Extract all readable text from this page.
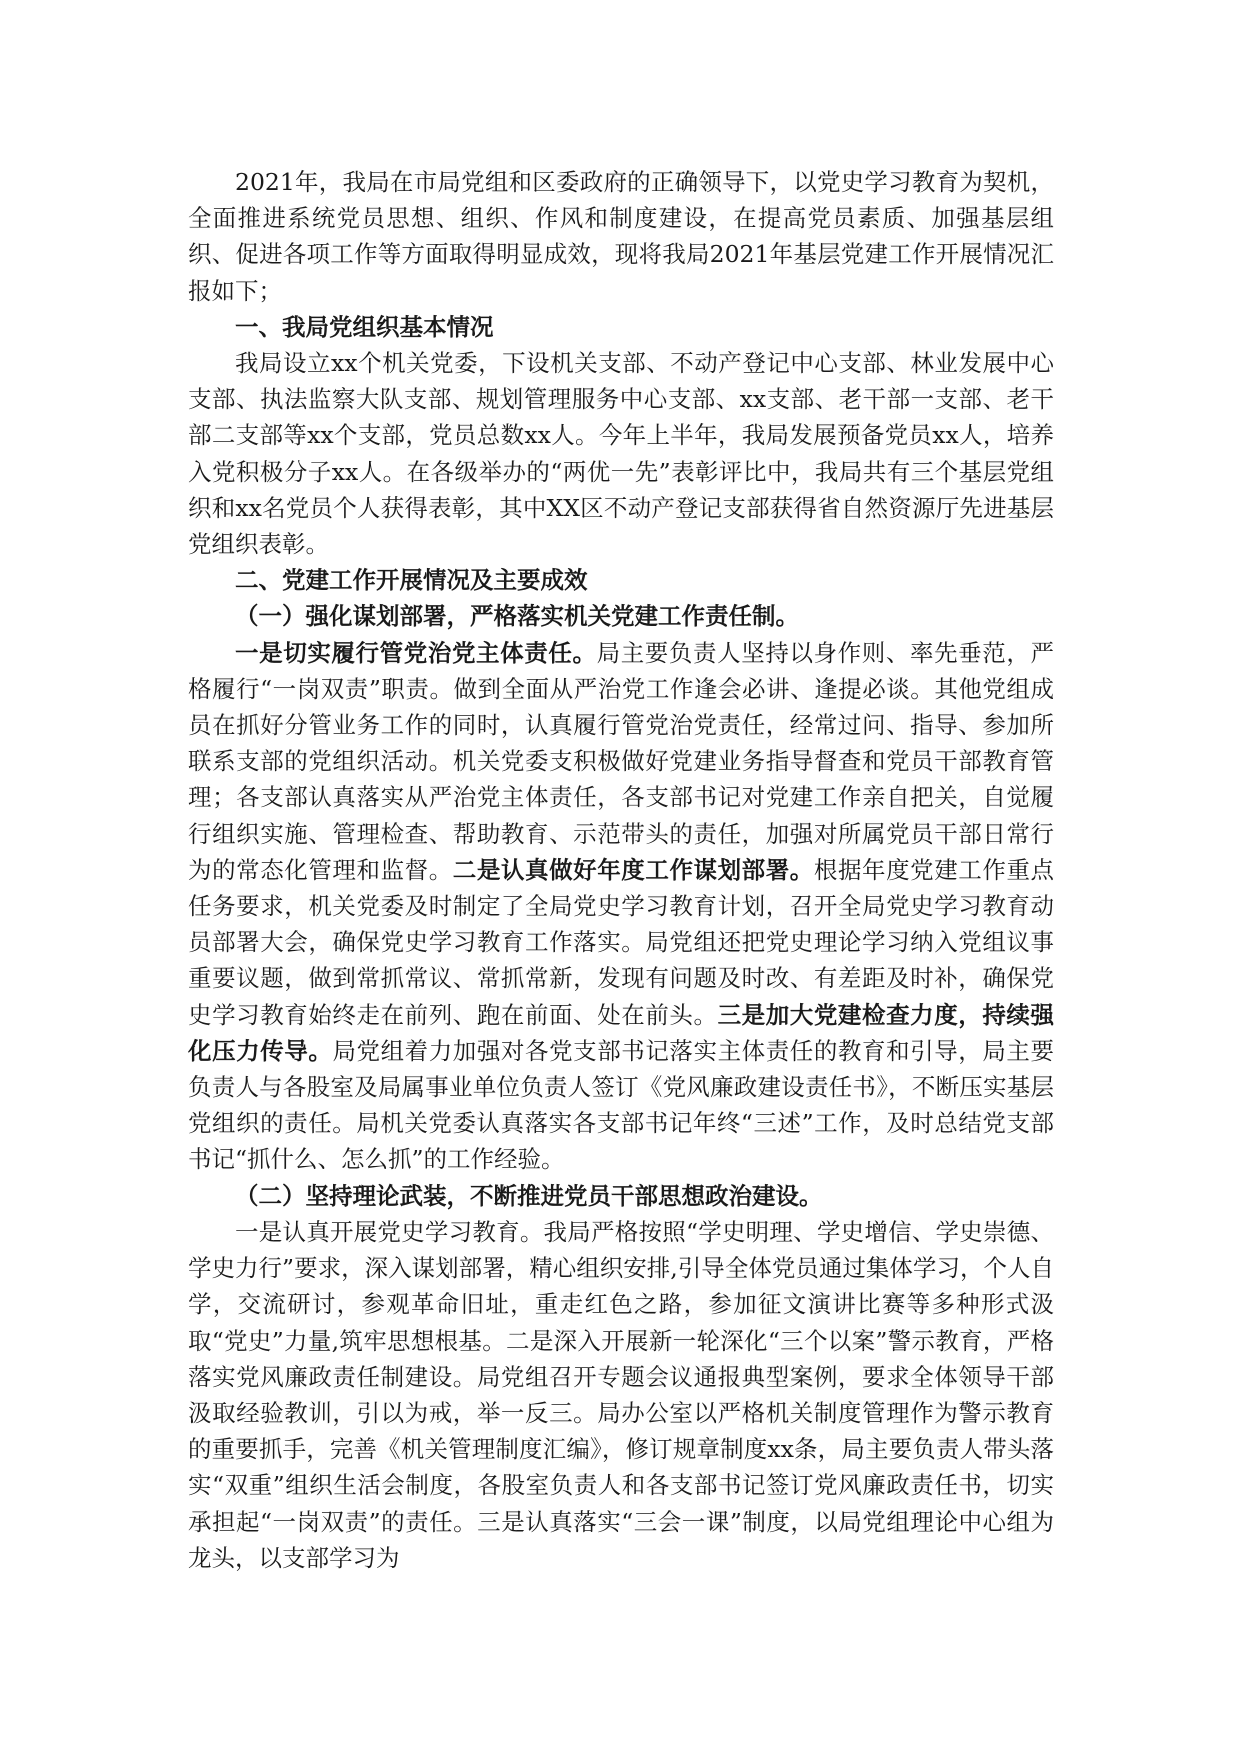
2021年，我局在市局党组和区委政府的正确领导下，以党史学习教育为契机，全面推进系统党员思想、组织、作风和制度建设，在提高党员素质、加强基层组织、促进各项工作等方面取得明显成效，现将我局2021年基层党建工作开展情况汇报如下；

一、我局党组织基本情况

我局设立xx个机关党委，下设机关支部、不动产登记中心支部、林业发展中心支部、执法监察大队支部、规划管理服务中心支部、xx支部、老干部一支部、老干部二支部等xx个支部，党员总数xx人。今年上半年，我局发展预备党员xx人，培养入党积极分子xx人。在各级举办的“两优一先”表彰评比中，我局共有三个基层党组织和xx名党员个人获得表彰，其中XX区不动产登记支部获得省自然资源厅先进基层党组织表彰。

二、党建工作开展情况及主要成效

（一）强化谋划部署，严格落实机关党建工作责任制。

一是切实履行管党治党主体责任。局主要负责人坚持以身作则、率先垂范，严格履行“一岗双责”职责。做到全面从严治党工作逢会必讲、逢提必谈。其他党组成员在抓好分管业务工作的同时，认真履行管党治党责任，经常过问、指导、参加所联系支部的党组织活动。机关党委支积极做好党建业务指导督查和党员干部教育管理；各支部认真落实从严治党主体责任，各支部书记对党建工作亲自把关，自觉履行组织实施、管理检查、帮助教育、示范带头的责任，加强对所属党员干部日常行为的常态化管理和监督。二是认真做好年度工作谋划部署。根据年度党建工作重点任务要求，机关党委及时制定了全局党史学习教育计划，召开全局党史学习教育动员部署大会，确保党史学习教育工作落实。局党组还把党史理论学习纳入党组议事重要议题，做到常抓常议、常抓常新，发现有问题及时改、有差距及时补，确保党史学习教育始终走在前列、跑在前面、处在前头。三是加大党建检查力度，持续强化压力传导。局党组着力加强对各党支部书记落实主体责任的教育和引导，局主要负责人与各股室及局属事业单位负责人签订《党风廉政建设责任书》，不断压实基层党组织的责任。局机关党委认真落实各支部书记年终“三述”工作，及时总结党支部书记“抓什么、怎么抓”的工作经验。

（二）坚持理论武装，不断推进党员干部思想政治建设。

一是认真开展党史学习教育。我局严格按照“学史明理、学史增信、学史崇德、学史力行”要求，深入谋划部署，精心组织安排,引导全体党员通过集体学习，个人自学，交流研讨，参观革命旧址，重走红色之路，参加征文演讲比赛等多种形式汲取“党史”力量,筑牢思想根基。二是深入开展新一轮深化“三个以案”警示教育，严格落实党风廉政责任制建设。局党组召开专题会议通报典型案例，要求全体领导干部汲取经验教训，引以为戒，举一反三。局办公室以严格机关制度管理作为警示教育的重要抓手，完善《机关管理制度汇编》，修订规章制度xx条，局主要负责人带头落实“双重”组织生活会制度，各股室负责人和各支部书记签订党风廉政责任书，切实承担起“一岗双责”的责任。三是认真落实“三会一课”制度，以局党组理论中心组为龙头，以支部学习为
